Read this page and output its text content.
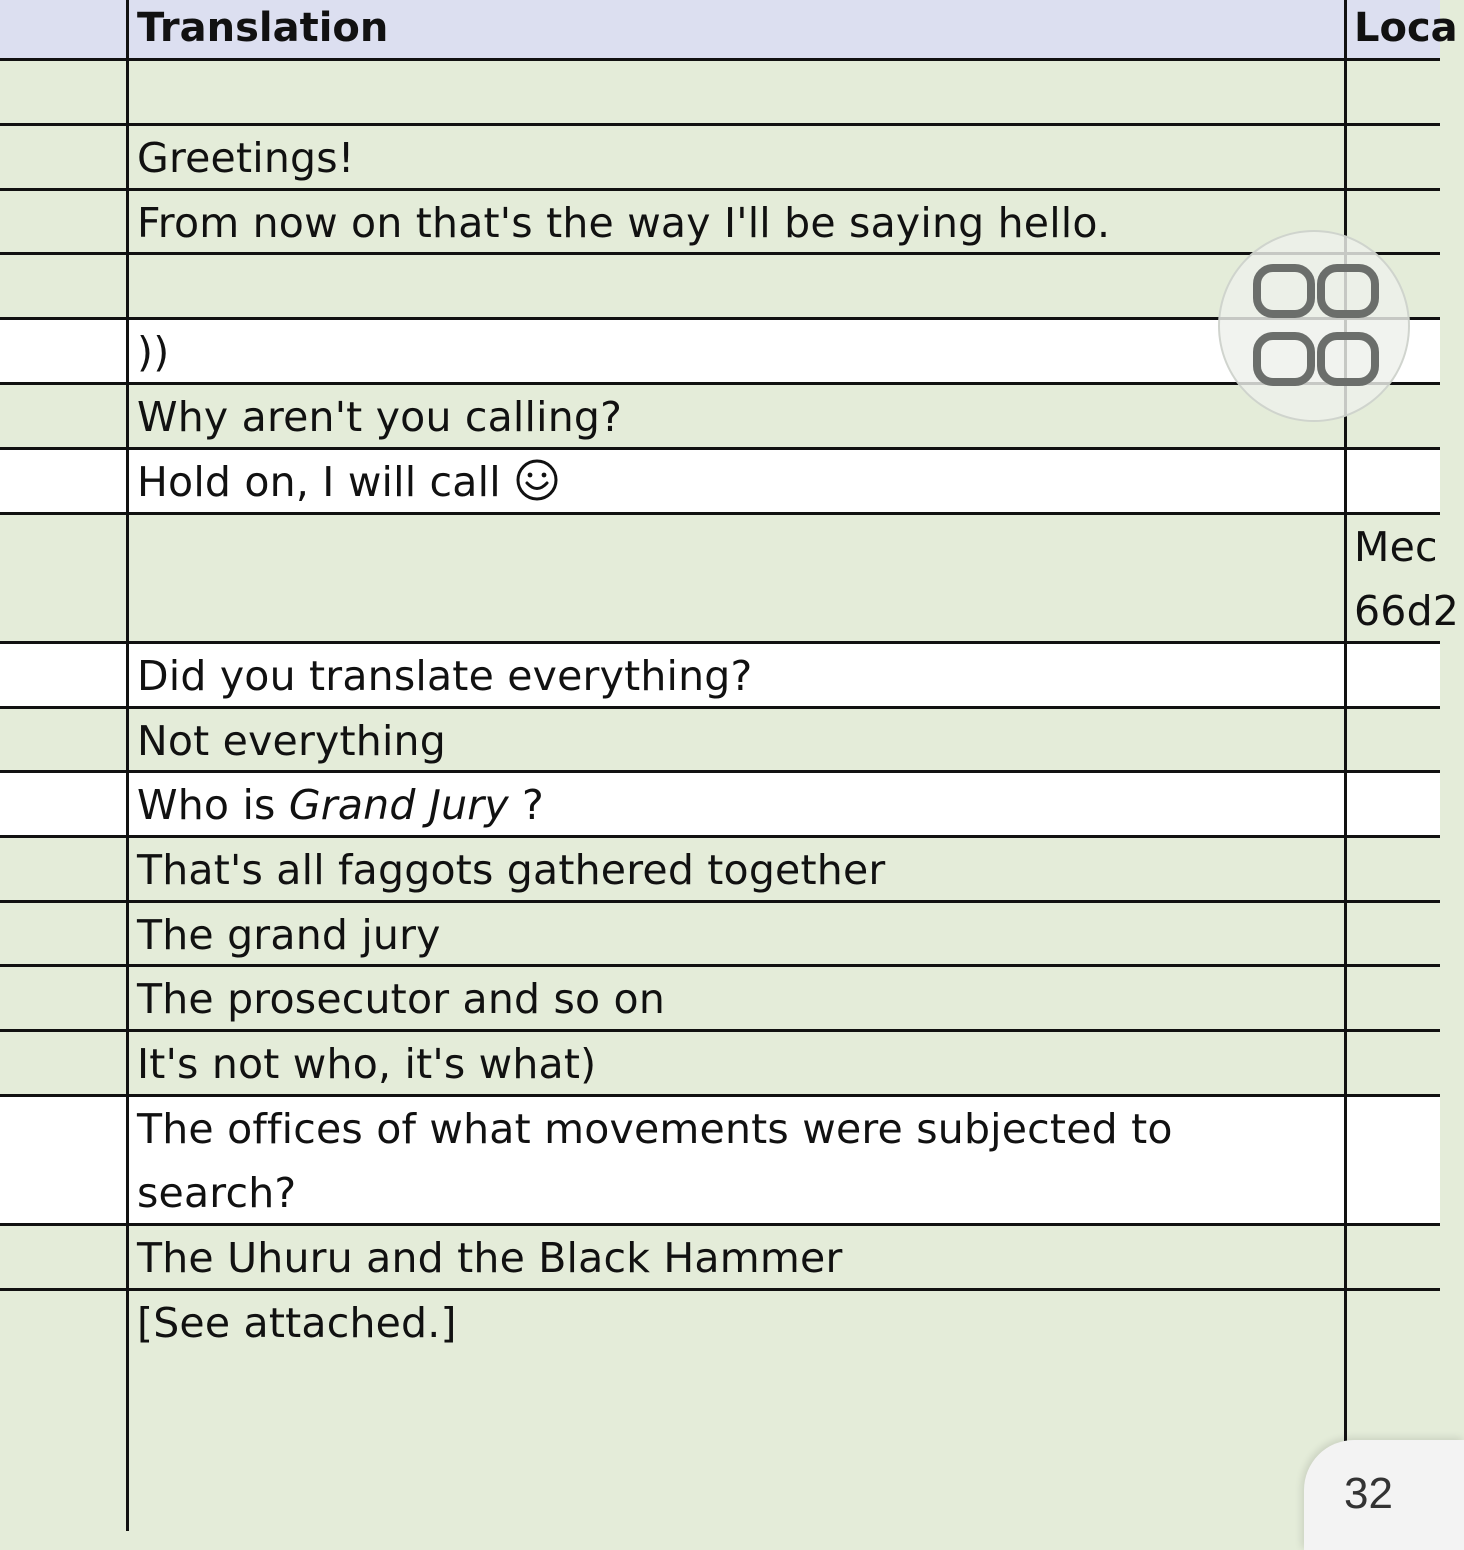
Translation	Loca
Greetings!
From now on that's the way I'll be saying hello.
))
Why aren't you calling?
Hold on, I will call
Mec
66d2
Did you translate everything?
Not everything
Who is Grand Jury ?
That's all faggots gathered together
The grand jury
The prosecutor and so on
It's not who, it's what)
The offices of what movements were subjected to search?
The Uhuru and the Black Hammer
[See attached.]
32
